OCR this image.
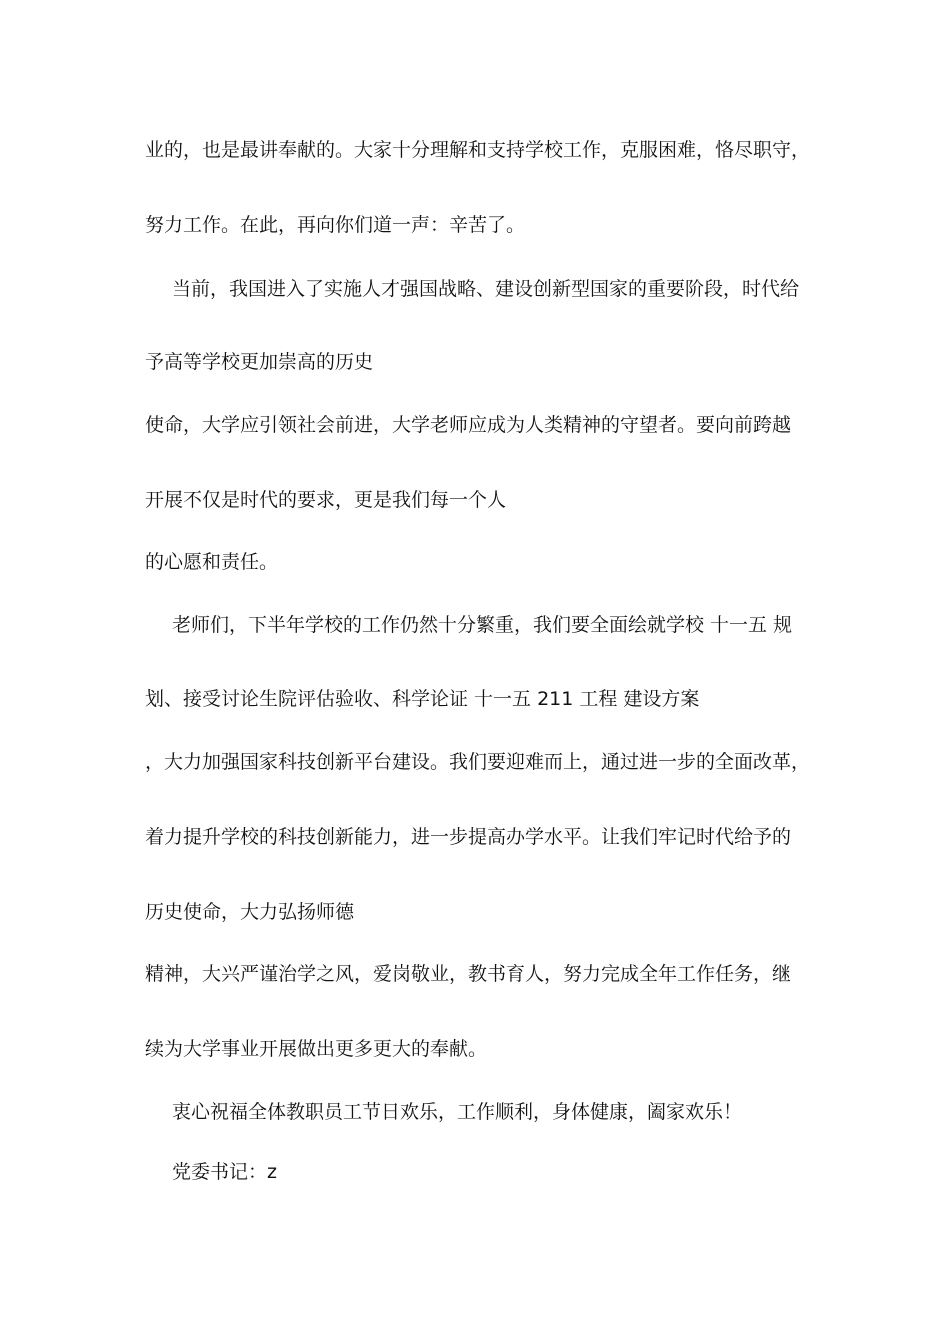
业的，也是最讲奉献的。大家十分理解和支持学校工作，克服困难，恪尽职守，
努力工作。在此，再向你们道一声：辛苦了。
当前，我国进入了实施人才强国战略、建设创新型国家的重要阶段，时代给
予高等学校更加崇高的历史
使命，大学应引领社会前进，大学老师应成为人类精神的守望者。要向前跨越
开展不仅是时代的要求，更是我们每一个人
的心愿和责任。
老师们，下半年学校的工作仍然十分繁重，我们要全面绘就学校 十一五 规
划、接受讨论生院评估验收、科学论证 十一五 211 工程 建设方案
，大力加强国家科技创新平台建设。我们要迎难而上，通过进一步的全面改革，
着力提升学校的科技创新能力，进一步提高办学水平。让我们牢记时代给予的
历史使命，大力弘扬师德
精神，大兴严谨治学之风，爱岗敬业，教书育人，努力完成全年工作任务，继
续为大学事业开展做出更多更大的奉献。
衷心祝福全体教职员工节日欢乐，工作顺利，身体健康，阖家欢乐！
党委书记：z
